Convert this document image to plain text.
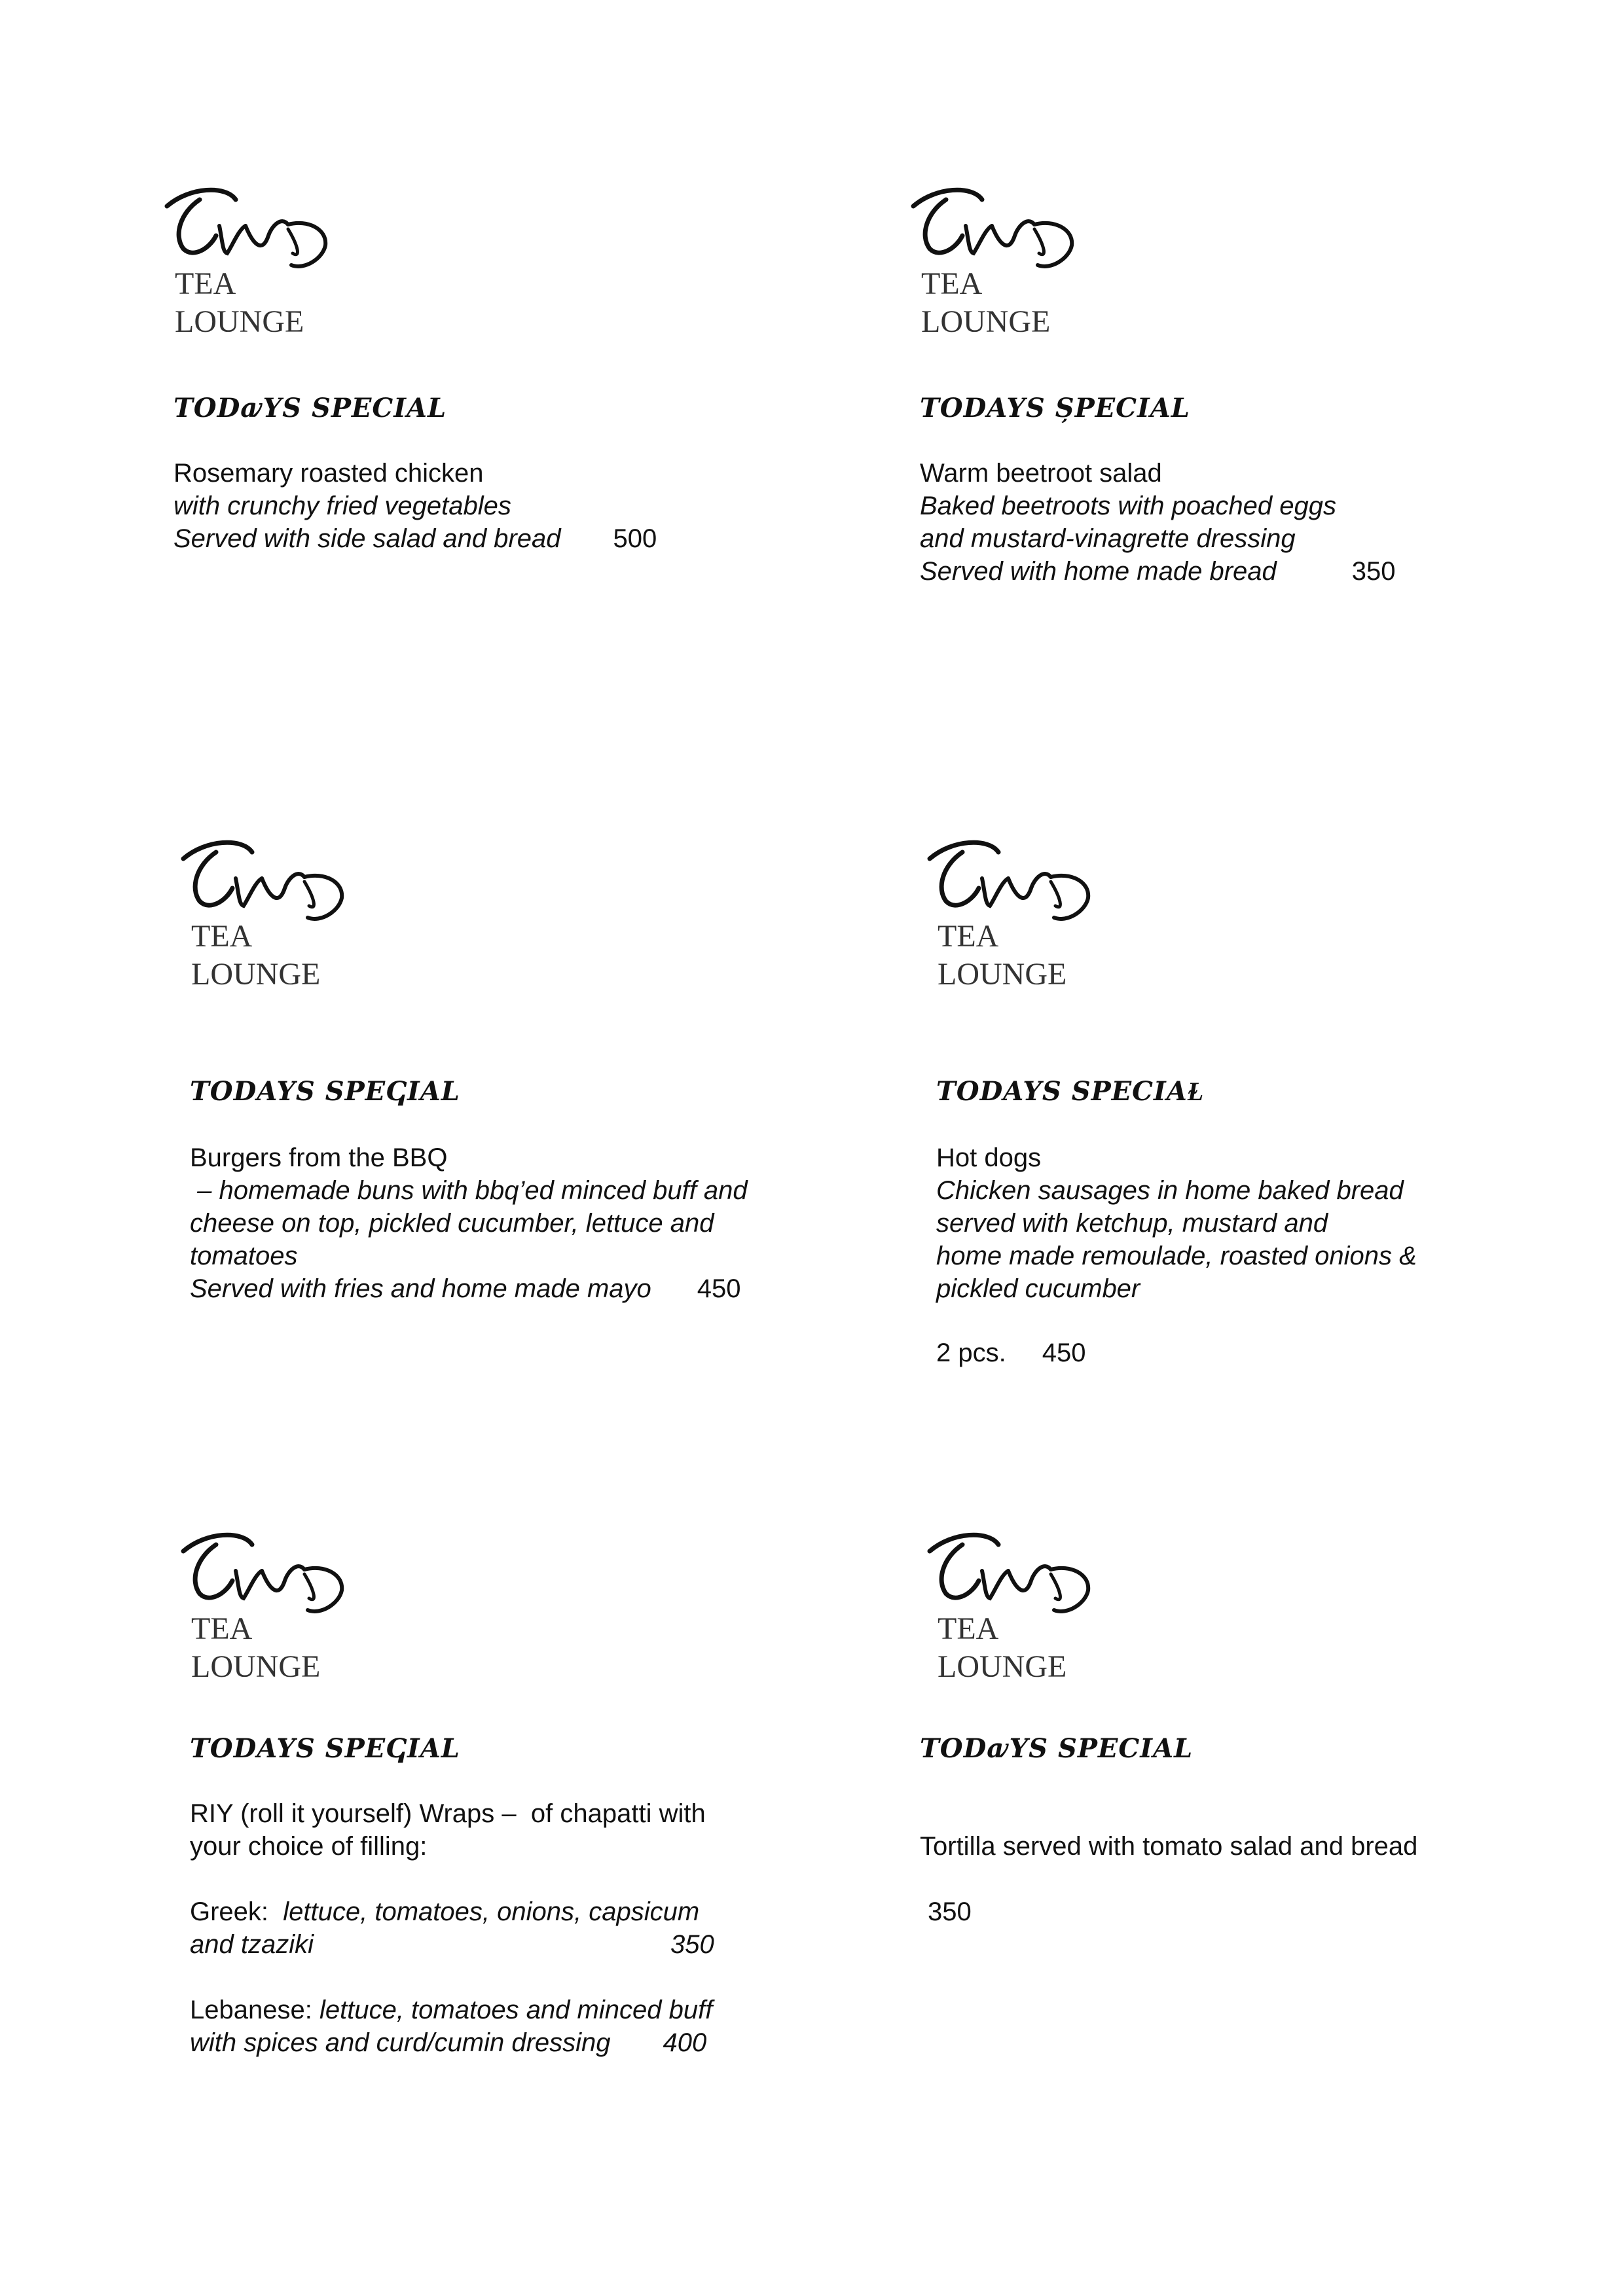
TEA
LOUNGE
TODꜹYS SPECIAL
Rosemary roasted chicken
with crunchy fried vegetables
Served with side salad and bread 500
TEA
LOUNGE
TODAYS ȘPECIAL
Warm beetroot salad
Baked beetroots with poached eggs
and mustard-vinagrette dressing
Served with home made bread	350
TEA
LOUNGE
TODAYS SPEↅIAL
Burgers from the BBQ
– homemade buns with bbq’ed minced buff and
cheese on top, pickled cucumber, lettuce and
tomatoes
Served with fries and home made mayo 450
TEA
LOUNGE
TODAYS SPECIAⱢ
Hot dogs
Chicken sausages in home baked bread
served with ketchup, mustard and
home made remoulade, roasted onions &
pickled cucumber
2 pcs. 450
TEA
LOUNGE
TODAYS SPEↅIAL
RIY (roll it yourself) Wraps –  of chapatti with
your choice of filling:
Greek: lettuce, tomatoes, onions, capsicum
and tzaziki	350
Lebanese: lettuce, tomatoes and minced buff
with spices and curd/cumin dressing 400
TEA
LOUNGE
TODꜹYS SPECIAL
Tortilla served with tomato salad and bread
350
